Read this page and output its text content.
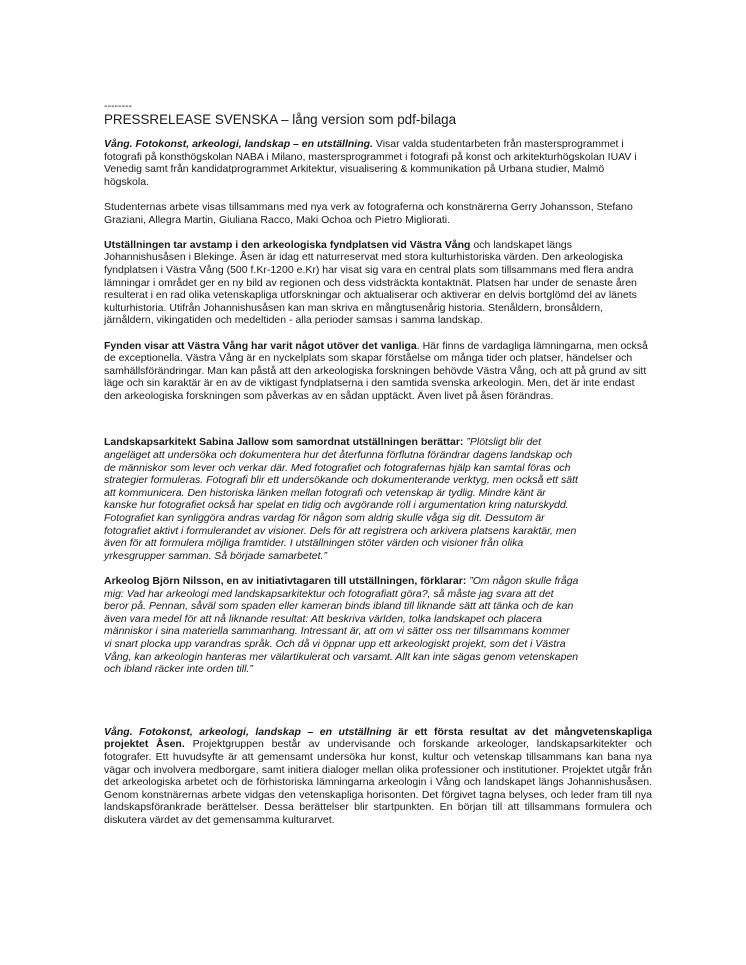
--------

PRESSRELEASE SVENSKA – lång version som pdf-bilaga

Vång. Fotokonst, arkeologi, landskap – en utställning. Visar valda studentarbeten från mastersprogrammet i fotografi på konsthögskolan NABA i Milano, mastersprogrammet i fotografi på konst och arkitekturhögskolan IUAV i Venedig samt från kandidatprogrammet Arkitektur, visualisering & kommunikation på Urbana studier, Malmö högskola.

Studenternas arbete visas tillsammans med nya verk av fotograferna och konstnärerna Gerry Johansson, Stefano Graziani, Allegra Martin, Giuliana Racco, Maki Ochoa och Pietro Migliorati.

Utställningen tar avstamp i den arkeologiska fyndplatsen vid Västra Vång och landskapet längs Johannishusåsen i Blekinge. Åsen är idag ett naturreservat med stora kulturhistoriska värden. Den arkeologiska fyndplatsen i Västra Vång (500 f.Kr-1200 e.Kr) har visat sig vara en central plats som tillsammans med flera andra lämningar i området ger en ny bild av regionen och dess vidsträckta kontaktnät. Platsen har under de senaste åren resulterat i en rad olika vetenskapliga utforskningar och aktualiserar och aktiverar en delvis bortglömd del av länets kulturhistoria. Utifrån Johannishusåsen kan man skriva en mångtusenårig historia. Stenåldern, bronsåldern, järnåldern, vikingatiden och medeltiden - alla perioder samsas i samma landskap.

Fynden visar att Västra Vång har varit något utöver det vanliga. Här finns de vardagliga lämningarna, men också de exceptionella. Västra Vång är en nyckelplats som skapar förståelse om många tider och platser, händelser och samhällsförändringar. Man kan påstå att den arkeologiska forskningen behövde Västra Vång, och att på grund av sitt läge och sin karaktär är en av de viktigast fyndplatserna i den samtida svenska arkeologin. Men, det är inte endast den arkeologiska forskningen som påverkas av en sådan upptäckt. Även livet på åsen förändras.

Landskapsarkitekt Sabina Jallow som samordnat utställningen berättar: ”Plötsligt blir det angeläget att undersöka och dokumentera hur det återfunna förflutna förändrar dagens landskap och de människor som lever och verkar där. Med fotografiet och fotografernas hjälp kan samtal föras och strategier formuleras. Fotografi blir ett undersökande och dokumenterande verktyg, men också ett sätt att kommunicera. Den historiska länken mellan fotografi och vetenskap är tydlig. Mindre känt är kanske hur fotografiet också har spelat en tidig och avgörande roll i argumentation kring naturskydd. Fotografiet kan synliggöra andras vardag för någon som aldrig skulle våga sig dit. Dessutom är fotografiet aktivt i formulerandet av visioner. Dels för att registrera och arkivera platsens karaktär, men även för att formulera möjliga framtider. I utställningen stöter värden och visioner från olika yrkesgrupper samman. Så började samarbetet.”

Arkeolog Björn Nilsson, en av initiativtagaren till utställningen, förklarar: ”Om någon skulle fråga mig: Vad har arkeologi med landskapsarkitektur och fotografiatt göra?, så måste jag svara att det beror på. Pennan, såväl som spaden eller kameran binds ibland till liknande sätt att tänka och de kan även vara medel för att nå liknande resultat: Att beskriva världen, tolka landskapet och placera människor i sina materiella sammanhang. Intressant är, att om vi sätter oss ner tillsammans kommer vi snart plocka upp varandras språk. Och då vi öppnar upp ett arkeologiskt projekt, som det i Västra Vång, kan arkeologin hanteras mer välartikulerat och varsamt. Allt kan inte sägas genom vetenskapen och ibland räcker inte orden till.”

Vång. Fotokonst, arkeologi, landskap – en utställning är ett första resultat av det mångvetenskapliga projektet Åsen. Projektgruppen består av undervisande och forskande arkeologer, landskapsarkitekter och fotografer. Ett huvudsyfte är att gemensamt undersöka hur konst, kultur och vetenskap tillsammans kan bana nya vägar och involvera medborgare, samt initiera dialoger mellan olika professioner och institutioner. Projektet utgår från det arkeologiska arbetet och de förhistoriska lämningarna arkeologin i Vång och landskapet längs Johannishusåsen. Genom konstnärernas arbete vidgas den vetenskapliga horisonten. Det förgivet tagna belyses, och leder fram till nya landskapsförankrade berättelser. Dessa berättelser blir startpunkten. En början till att tillsammans formulera och diskutera värdet av det gemensamma kulturarvet.
